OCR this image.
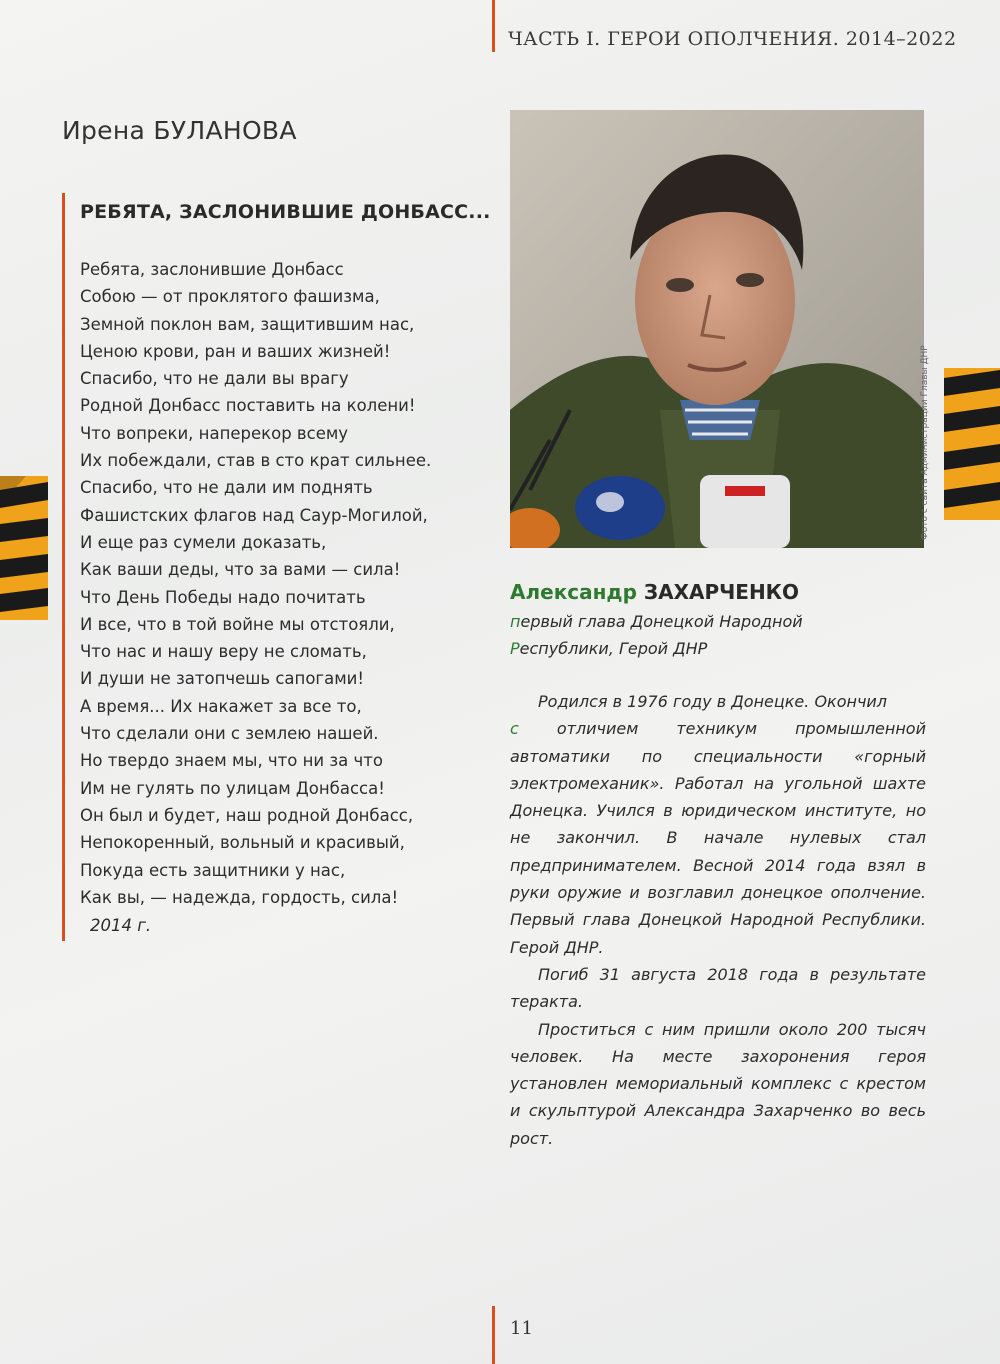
ЧАСТЬ I. ГЕРОИ ОПОЛЧЕНИЯ. 2014–2022
Ирена БУЛАНОВА
РЕБЯТА, ЗАСЛОНИВШИЕ ДОНБАСС...
Ребята, заслонившие Донбасс
Собою — от проклятого фашизма,
Земной поклон вам, защитившим нас,
Ценою крови, ран и ваших жизней!
Спасибо, что не дали вы врагу
Родной Донбасс поставить на колени!
Что вопреки, наперекор всему
Их побеждали, став в сто крат сильнее.
Спасибо, что не дали им поднять
Фашистских флагов над Саур-Могилой,
И еще раз сумели доказать,
Как ваши деды, что за вами — сила!
Что День Победы надо почитать
И все, что в той войне мы отстояли,
Что нас и нашу веру не сломать,
И души не затопчешь сапогами!
А время... Их накажет за все то,
Что сделали они с землею нашей.
Но твердо знаем мы, что ни за что
Им не гулять по улицам Донбасса!
Он был и будет, наш родной Донбасс,
Непокоренный, вольный и красивый,
Покуда есть защитники у нас,
Как вы, — надежда, гордость, сила!
2014 г.
Фото с сайта Администрации Главы ДНР
Александр ЗАХАРЧЕНКО

первый глава Донецкой Народной
Республики, Герой ДНР

Родился в 1976 году в Донецке. Окончил
с отличием техникум промышленной автоматики по специальности «горный электромеханик». Работал на угольной шахте Донецка. Учился в юридическом институте, но не закончил. В начале нулевых стал предпринимателем. Весной 2014 года взял в руки оружие и возглавил донецкое ополчение. Первый глава Донецкой Народной Республики. Герой ДНР.

Погиб 31 августа 2018 года в результате теракта.

Проститься с ним пришли около 200 тысяч человек. На месте захоронения героя установлен мемориальный комплекс с крестом и скульптурой Александра Захарченко во весь рост.

11
